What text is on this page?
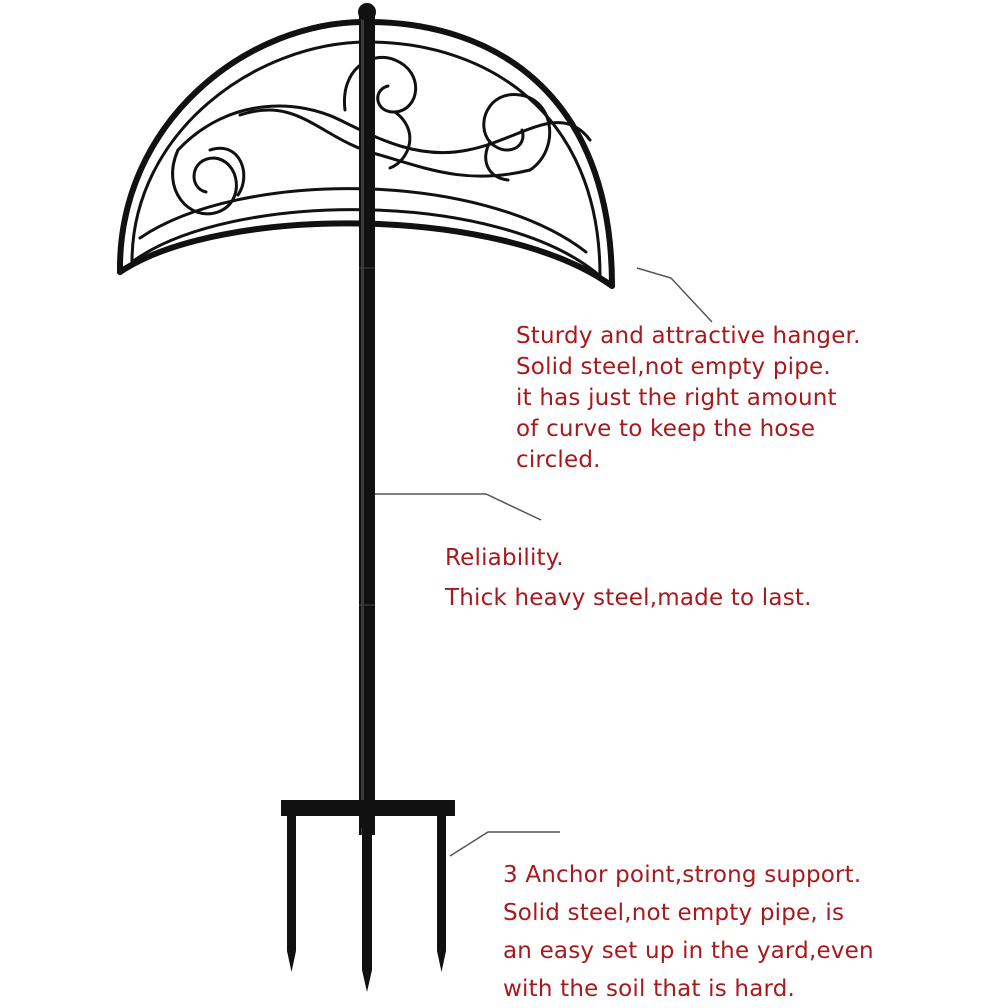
Sturdy and attractive hanger.
Solid steel,not empty pipe.
it has just the right amount
of curve to keep the hose
circled.
Reliability.
Thick heavy steel,made to last.
3 Anchor point,strong support.
Solid steel,not empty pipe, is
an easy set up in the yard,even
with the soil that is hard.
